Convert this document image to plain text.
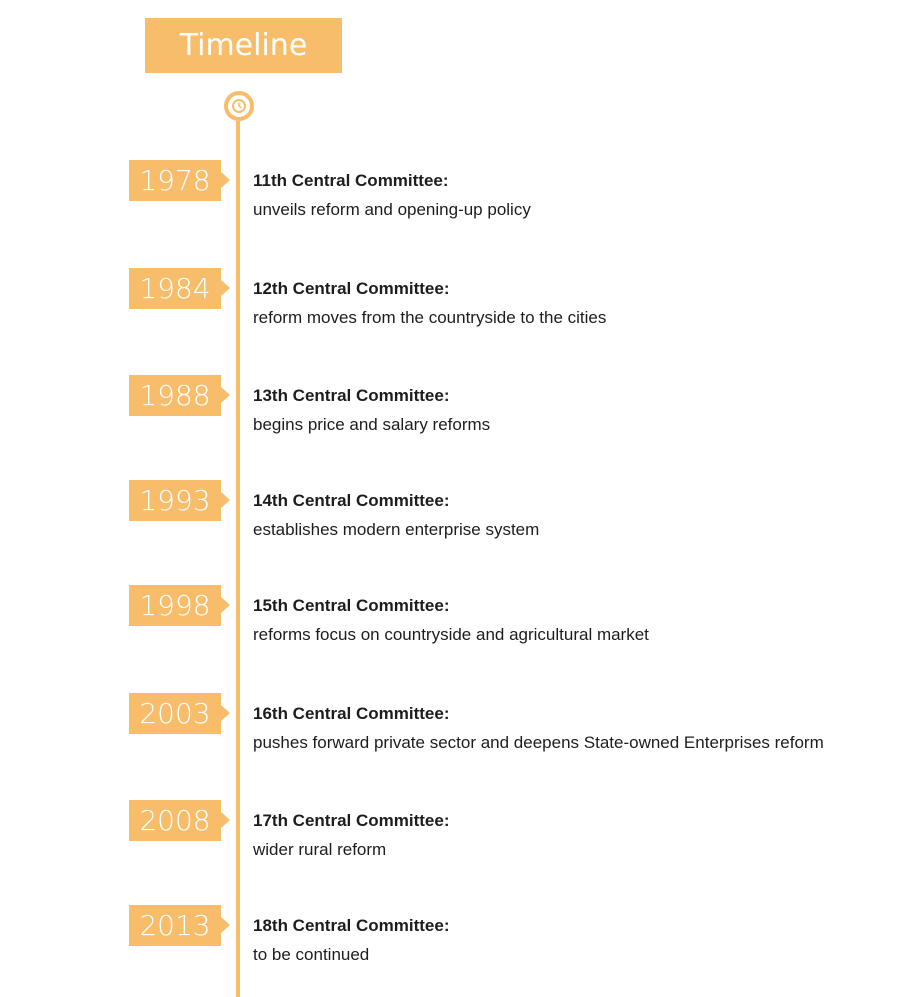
Timeline
1978	11th Central Committee:
unveils reform and opening-up policy
1984	12th Central Committee:
reform moves from the countryside to the cities
1988	13th Central Committee:
begins price and salary reforms
1993	14th Central Committee:
establishes modern enterprise system
1998	15th Central Committee:
reforms focus on countryside and agricultural market
2003	16th Central Committee:
pushes forward private sector and deepens State-owned Enterprises reform
2008	17th Central Committee:
wider rural reform
2013	18th Central Committee:
to be continued
